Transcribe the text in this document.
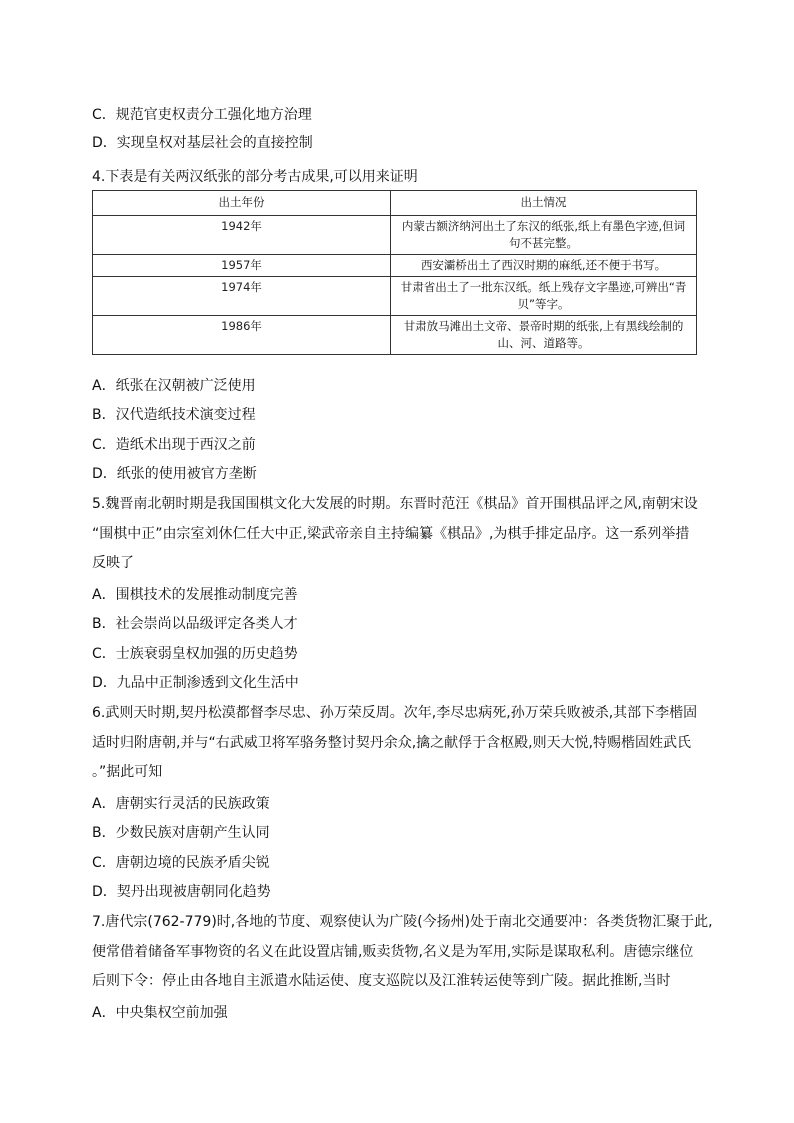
C．规范官吏权责分工强化地方治理
D．实现皇权对基层社会的直接控制
4.下表是有关两汉纸张的部分考古成果,可以用来证明
出土年份	出土情况
1942年	内蒙古额济纳河出土了东汉的纸张,纸上有墨色字迹,但词
句不甚完整。

1957年	西安灞桥出土了西汉时期的麻纸,还不便于书写。

1974年	甘肃省出土了一批东汉纸。纸上残存文字墨迹,可辨出“青
贝”等字。

1986年	甘肃放马滩出土文帝、景帝时期的纸张,上有黑线绘制的
山、河、道路等。
A．纸张在汉朝被广泛使用
B．汉代造纸技术演变过程
C．造纸术出现于西汉之前
D．纸张的使用被官方垄断
5.魏晋南北朝时期是我国围棋文化大发展的时期。东晋时范汪《棋品》首开围棋品评之风,南朝宋设
“围棋中正”由宗室刘休仁任大中正,梁武帝亲自主持编纂《棋品》,为棋手排定品序。这一系列举措
反映了
A．围棋技术的发展推动制度完善
B．社会崇尚以品级评定各类人才
C．士族衰弱皇权加强的历史趋势
D．九品中正制渗透到文化生活中
6.武则天时期,契丹松漠都督李尽忠、孙万荣反周。次年,李尽忠病死,孙万荣兵败被杀,其部下李楷固
适时归附唐朝,并与“右武威卫将军骆务整讨契丹余众,擒之献俘于含枢殿,则天大悦,特赐楷固姓武氏
。”据此可知
A．唐朝实行灵活的民族政策
B．少数民族对唐朝产生认同
C．唐朝边境的民族矛盾尖锐
D．契丹出现被唐朝同化趋势
7.唐代宗(762-779)时,各地的节度、观察使认为广陵(今扬州)处于南北交通要冲：各类货物汇聚于此,
便常借着储备军事物资的名义在此设置店铺,贩卖货物,名义是为军用,实际是谋取私利。唐德宗继位
后则下令：停止由各地自主派遣水陆运使、度支巡院以及江淮转运使等到广陵。据此推断,当时
A．中央集权空前加强
